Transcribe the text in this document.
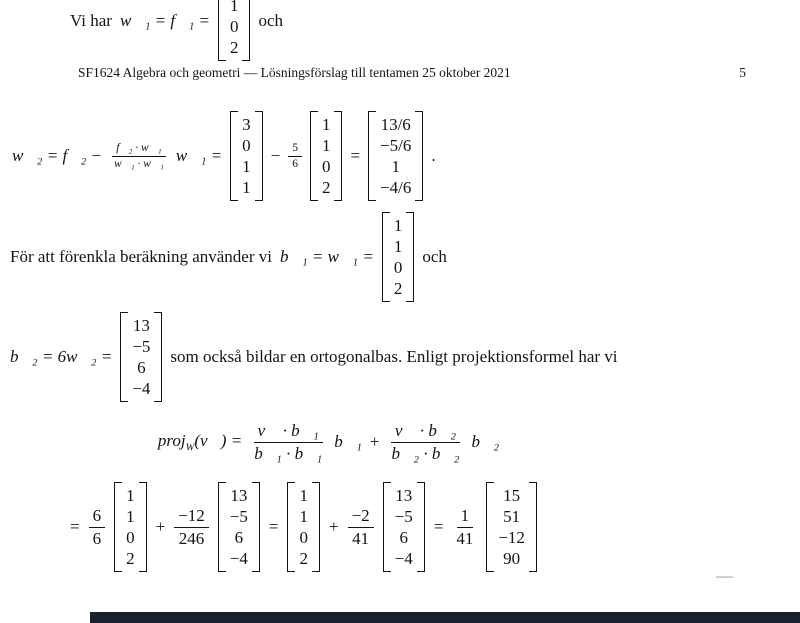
Vi har w⃗₁ = f⃗₁ =
1
0
2
och
SF1624 Algebra och geometri — Lösningsförslag till tentamen 25 oktober 2021	5
w⃗₂ = f⃗₂ − $\frac{\text{f⃗₂ · w⃗₁}}{\text{w⃗₁ · w⃗₁}}$ w⃗₁ =
3
0
1
1
− $\frac{5}{6}$
1
1
0
2
=
13/6
−5/6
1
−4/6
.
För att förenkla beräkning använder vi b⃗₁ = w⃗₁ =
1
1
0
2
och
b⃗₂ = 6w⃗₂ =
13
−5
6
−4
som också bildar en ortogonalbas. Enligt projektionsformel har vi
proj$_W$(v⃗) = $\frac{\text{v⃗ · b⃗₁}}{\text{b⃗₁ · b⃗₁}}$ b⃗₁ + $\frac{\text{v⃗ · b⃗₂}}{\text{b⃗₂ · b⃗₂}}$ b⃗₂
= $\frac{6}{6}$
1
1
0
2
+ $\frac{-12}{246}$
13
−5
6
−4
=
1
1
0
2
+ $\frac{-2}{41}$
13
−5
6
−4
= $\frac{1}{41}$
15
51
−12
90
—
